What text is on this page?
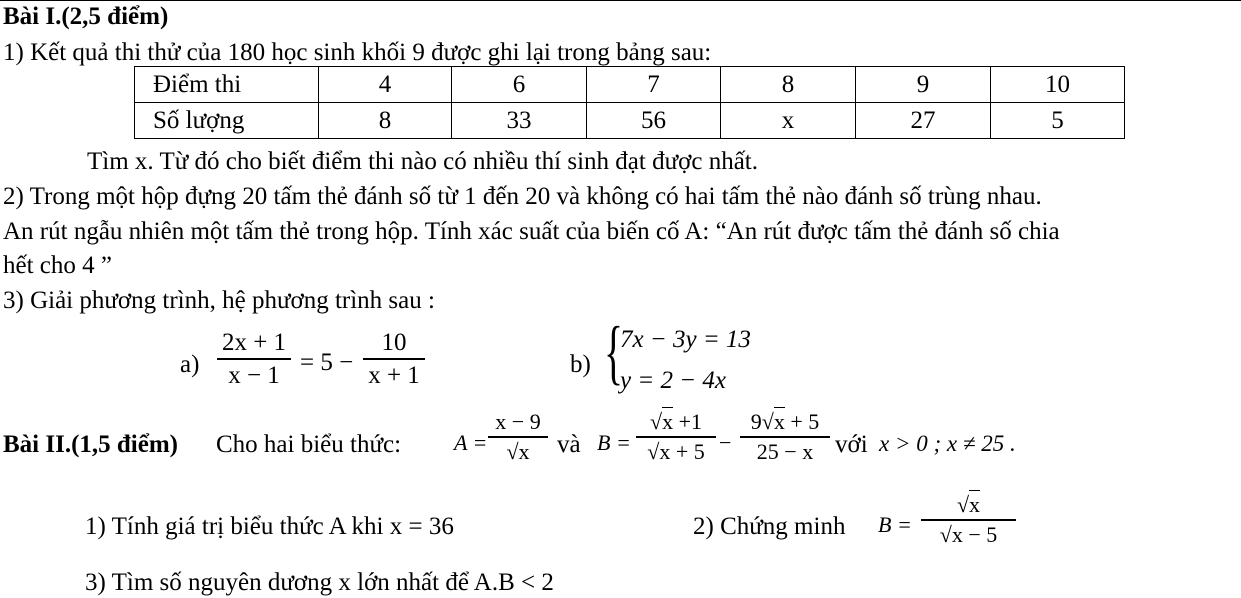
Bài I.(2,5 điểm)
1) Kết quả thi thử của 180 học sinh khối 9 được ghi lại trong bảng sau:
Điểm thi	4	6	7	8	9	10
Số lượng	8	33	56	x	27	5
Tìm x. Từ đó cho biết điểm thi nào có nhiều thí sinh đạt được nhất.
2) Trong một hộp đựng 20 tấm thẻ đánh số từ 1 đến 20 và không có hai tấm thẻ nào đánh số trùng nhau.
An rút ngẫu nhiên một tấm thẻ trong hộp. Tính xác suất của biến cố A: “An rút được tấm thẻ đánh số chia
hết cho 4 ”
3) Giải phương trình, hệ phương trình sau :
a)
2x + 1
x − 1 = 5 −
10
x + 1	b) {
7x − 3y = 13
y = 2 − 4x
Bài II.(1,5 điểm) Cho hai biểu thức: A =
x − 9
√x	và B =
√x +1
√x + 5 −
9√x + 5
25 − x với x > 0 ; x ≠ 25 .
1) Tính giá trị biểu thức A khi x = 36	2) Chứng minh B =
√x
√x − 5
3) Tìm số nguyên dương x lớn nhất để A.B < 2
